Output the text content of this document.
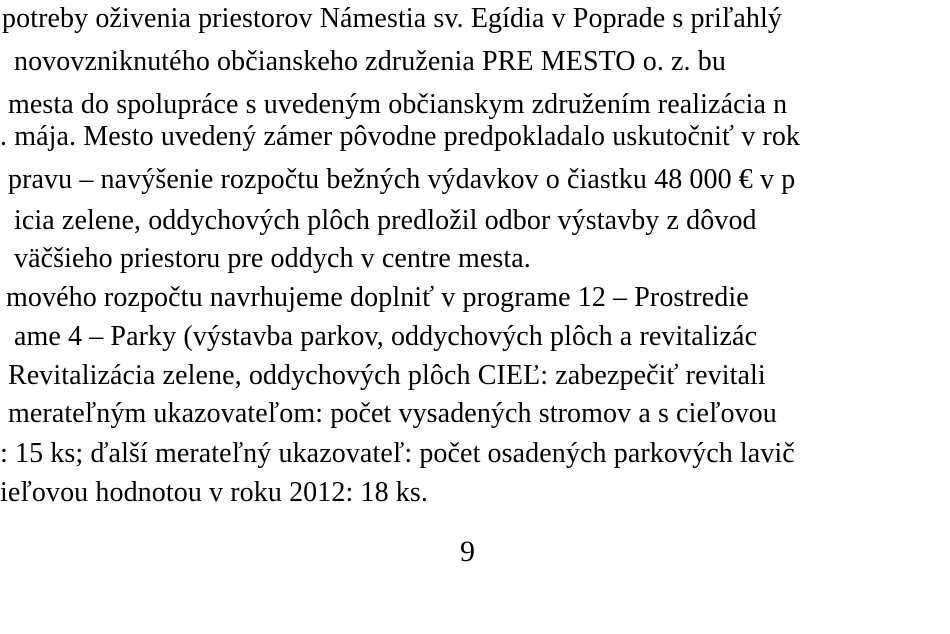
potreby oživenia priestorov Námestia sv. Egídia v Poprade s priľahlý
novovzniknutého občianskeho združenia PRE MESTO o. z. bu
mesta do spolupráce s uvedeným občianskym združením realizácia n
. mája. Mesto uvedený zámer pôvodne predpokladalo uskutočniť v rok
pravu – navýšenie rozpočtu bežných výdavkov o čiastku 48 000 € v p
icia zelene, oddychových plôch predložil odbor výstavby z dôvod
väčšieho priestoru pre oddych v centre mesta.
mového rozpočtu navrhujeme doplniť v programe 12 – Prostredie
ame 4 – Parky (výstavba parkov, oddychových plôch a revitalizác
Revitalizácia zelene, oddychových plôch CIEĽ: zabezpečiť revitali
merateľným ukazovateľom: počet vysadených stromov a s cieľovou
: 15 ks; ďalší merateľný ukazovateľ: počet osadených parkových lavič
ieľovou hodnotou v roku 2012: 18 ks.
9
